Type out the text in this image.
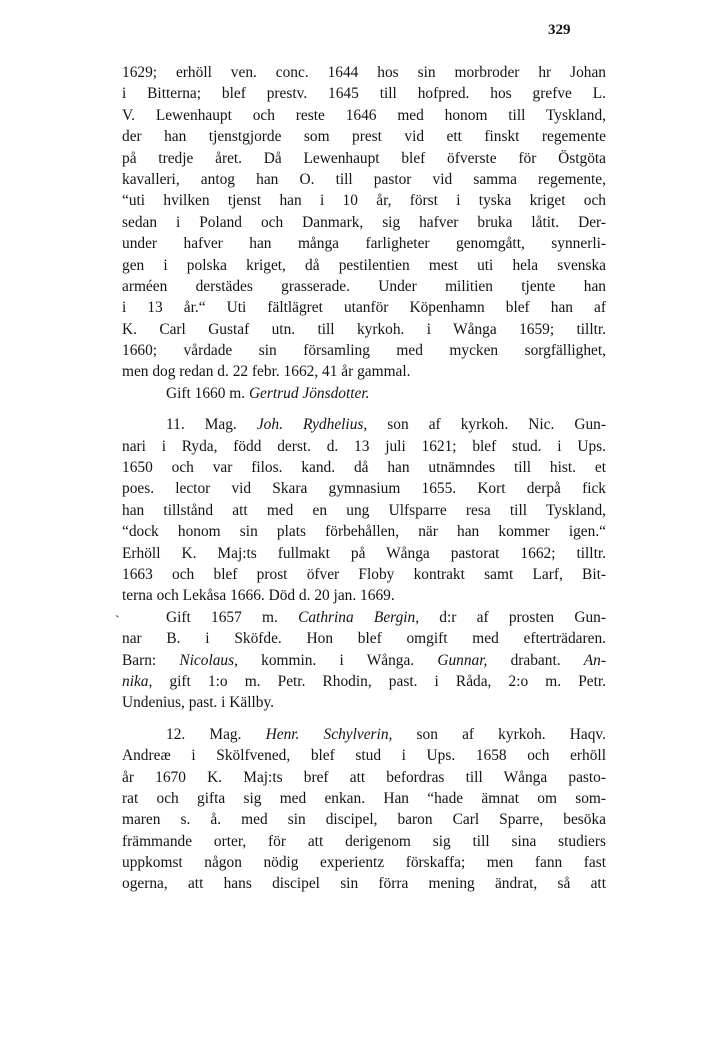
329
1629; erhöll ven. conc. 1644 hos sin morbroder hr Johan
i Bitterna; blef prestv. 1645 till hofpred. hos grefve L.
V. Lewenhaupt och reste 1646 med honom till Tyskland,
der han tjenstgjorde som prest vid ett finskt regemente
på tredje året. Då Lewenhaupt blef öfverste för Östgöta
kavalleri, antog han O. till pastor vid samma regemente,
“uti hvilken tjenst han i 10 år, först i tyska kriget och
sedan i Poland och Danmark, sig hafver bruka låtit. Der-
under hafver han många farligheter genomgått, synnerli-
gen i polska kriget, då pestilentien mest uti hela svenska
arméen derstädes grasserade. Under militien tjente han
i 13 år.“ Uti fältlägret utanför Köpenhamn blef han af
K. Carl Gustaf utn. till kyrkoh. i Wånga 1659; tilltr.
1660; vårdade sin församling med mycken sorgfällighet,
men dog redan d. 22 febr. 1662, 41 år gammal.
Gift 1660 m. Gertrud Jönsdotter.
11. Mag. Joh. Rydhelius, son af kyrkoh. Nic. Gun-
nari i Ryda, född derst. d. 13 juli 1621; blef stud. i Ups.
1650 och var filos. kand. då han utnämndes till hist. et
poes. lector vid Skara gymnasium 1655. Kort derpå fick
han tillstånd att med en ung Ulfsparre resa till Tyskland,
“dock honom sin plats förbehållen, när han kommer igen.“
Erhöll K. Maj:ts fullmakt på Wånga pastorat 1662; tilltr.
1663 och blef prost öfver Floby kontrakt samt Larf, Bit-
terna och Lekåsa 1666. Död d. 20 jan. 1669.
Gift 1657 m. Cathrina Bergin, d:r af prosten Gun-
nar B. i Sköfde. Hon blef omgift med efterträdaren.
Barn: Nicolaus, kommin. i Wånga. Gunnar, drabant. An-
nika, gift 1:o m. Petr. Rhodin, past. i Råda, 2:o m. Petr.
Undenius, past. i Källby.
12. Mag. Henr. Schylverin, son af kyrkoh. Haqv.
Andreæ i Skölfvened, blef stud i Ups. 1658 och erhöll
år 1670 K. Maj:ts bref att befordras till Wånga pasto-
rat och gifta sig med enkan. Han “hade ämnat om som-
maren s. å. med sin discipel, baron Carl Sparre, besöka
främmande orter, för att derigenom sig till sina studiers
uppkomst någon nödig experientz förskaffa; men fann fast
ogerna, att hans discipel sin förra mening ändrat, så att
`
